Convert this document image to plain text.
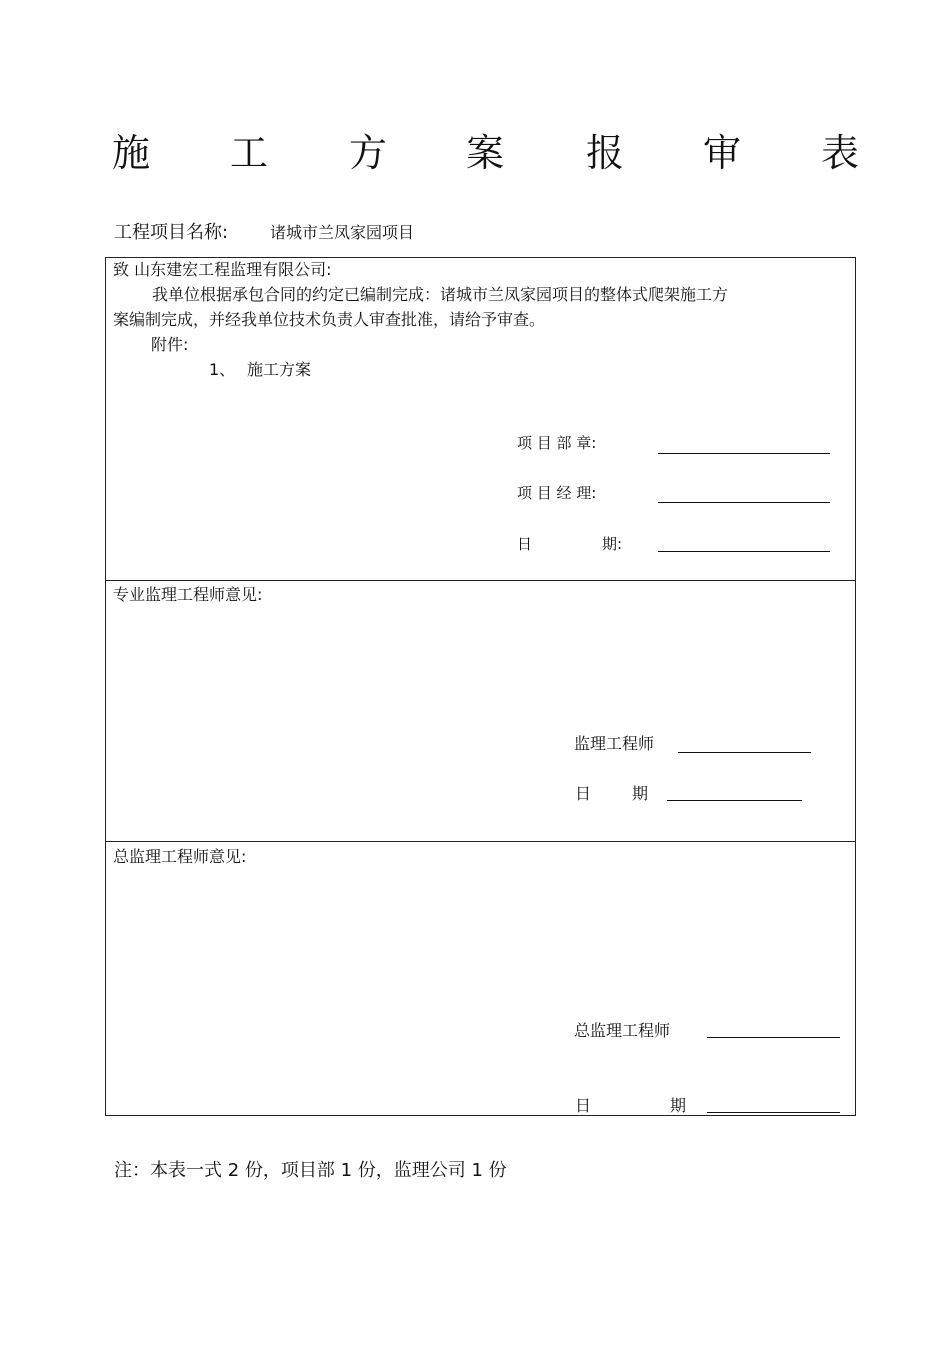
施 工 方 案 报 审 表
工程项目名称:	诸城市兰凤家园项目
致 山东建宏工程监理有限公司:
我单位根据承包合同的约定已编制完成：诸城市兰凤家园项目的整体式爬架施工方
案编制完成，并经我单位技术负责人审查批准，请给予审查。
附件:
1、 施工方案
项 目 部 章:
项 目 经 理:
日	期:
专业监理工程师意见:
监理工程师
日	期
总监理工程师意见:
总监理工程师
日	期
注：本表一式 2 份，项目部 1 份，监理公司 1 份
